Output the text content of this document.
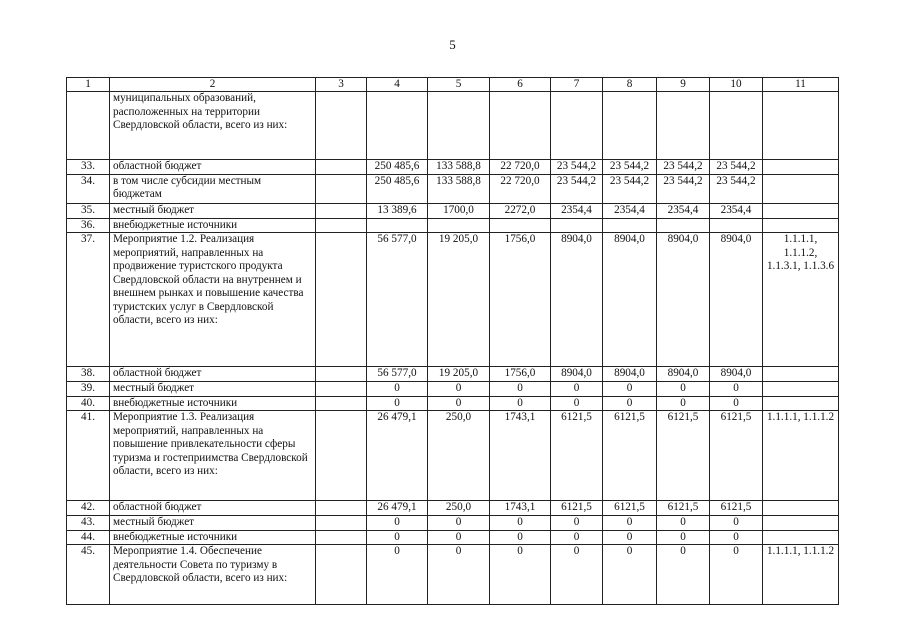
5
1	2	3	4	5	6	7	8	9	10	11
	муниципальных образований, расположенных на территории Свердловской области, всего из них:									
33.	областной бюджет		250 485,6	133 588,8	22 720,0	23 544,2	23 544,2	23 544,2	23 544,2	
34.	в том числе субсидии местным бюджетам		250 485,6	133 588,8	22 720,0	23 544,2	23 544,2	23 544,2	23 544,2	
35.	местный бюджет		13 389,6	1700,0	2272,0	2354,4	2354,4	2354,4	2354,4	
36.	внебюджетные источники									
37.	Мероприятие 1.2. Реализация мероприятий, направленных на продвижение туристского продукта Свердловской области на внутреннем и внешнем рынках и повышение качества туристских услуг в Свердловской области, всего из них:		56 577,0	19 205,0	1756,0	8904,0	8904,0	8904,0	8904,0	1.1.1.1, 1.1.1.2, 1.1.3.1, 1.1.3.6
38.	областной бюджет		56 577,0	19 205,0	1756,0	8904,0	8904,0	8904,0	8904,0	
39.	местный бюджет		0	0	0	0	0	0	0	
40.	внебюджетные источники		0	0	0	0	0	0	0	
41.	Мероприятие 1.3. Реализация мероприятий, направленных на повышение привлекательности сферы туризма и гостеприимства Свердловской области, всего из них:		26 479,1	250,0	1743,1	6121,5	6121,5	6121,5	6121,5	1.1.1.1, 1.1.1.2
42.	областной бюджет		26 479,1	250,0	1743,1	6121,5	6121,5	6121,5	6121,5	
43.	местный бюджет		0	0	0	0	0	0	0	
44.	внебюджетные источники		0	0	0	0	0	0	0	
45.	Мероприятие 1.4. Обеспечение деятельности Совета по туризму в Свердловской области, всего из них:		0	0	0	0	0	0	0	1.1.1.1, 1.1.1.2
